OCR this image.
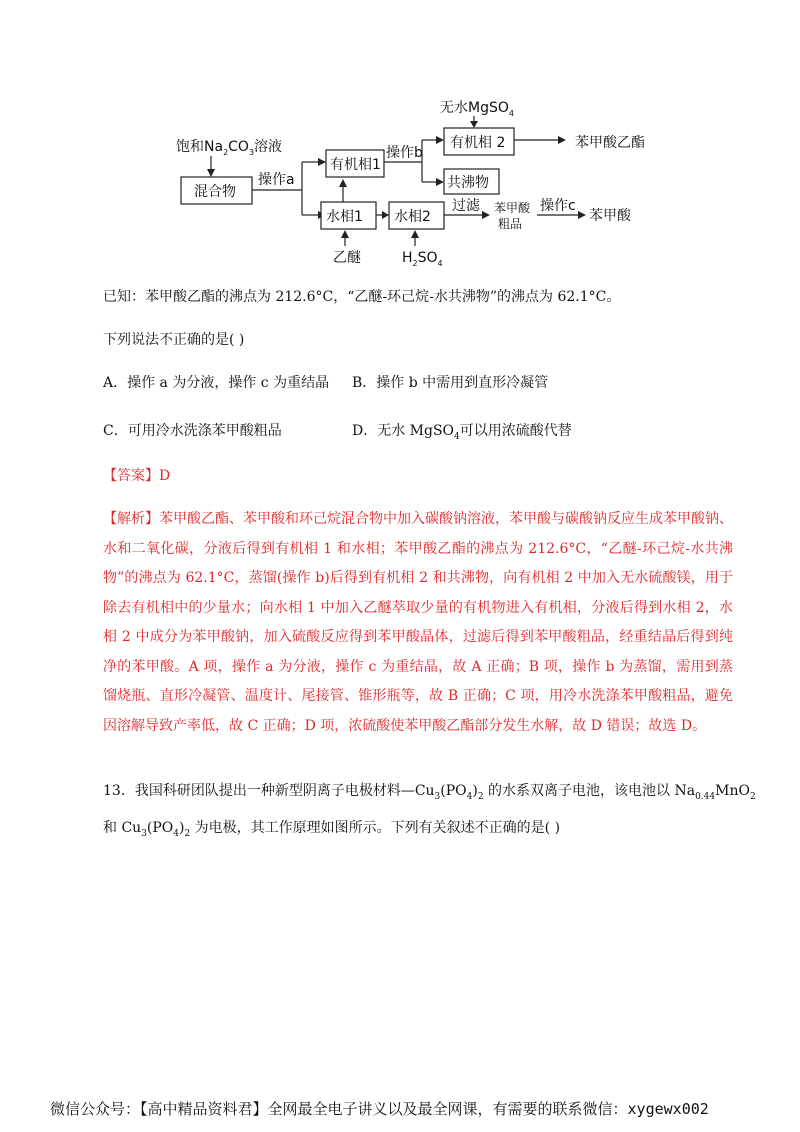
饱和$Na_2CO_3$溶液
混合物
操作a
有机相1
水相1
乙醚
操作b
无水MgSO$_4$
有机相 2	苯甲酸乙酯
共沸物
水相2
$H_2SO_4$
过滤 苯甲酸
粗品
操作c
苯甲酸
已知：苯甲酸乙酯的沸点为 212.6°C，“乙醚-环己烷-水共沸物”的沸点为 62.1°C。
下列说法不正确的是( )
A．操作 a 为分液，操作 c 为重结晶 B．操作 b 中需用到直形冷凝管
C．可用冷水洗涤苯甲酸粗品	D．无水 MgSO$_4$可以用浓硫酸代替
【答案】D
【解析】苯甲酸乙酯、苯甲酸和环己烷混合物中加入碳酸钠溶液，苯甲酸与碳酸钠反应生成苯甲酸钠、水和二氧化碳，分液后得到有机相 1 和水相；苯甲酸乙酯的沸点为 212.6°C，“乙醚-环己烷-水共沸物”的沸点为 62.1°C，蒸馏(操作 b)后得到有机相 2 和共沸物，向有机相 2 中加入无水硫酸镁，用于除去有机相中的少量水；向水相 1 中加入乙醚萃取少量的有机物进入有机相，分液后得到水相 2，水相 2 中成分为苯甲酸钠，加入硫酸反应得到苯甲酸晶体，过滤后得到苯甲酸粗品，经重结晶后得到纯净的苯甲酸。A 项，操作 a 为分液，操作 c 为重结晶，故 A 正确；B 项，操作 b 为蒸馏，需用到蒸馏烧瓶、直形冷凝管、温度计、尾接管、锥形瓶等，故 B 正确；C 项，用冷水洗涤苯甲酸粗品，避免因溶解导致产率低，故 C 正确；D 项，浓硫酸使苯甲酸乙酯部分发生水解，故 D 错误；故选 D。
13．我国科研团队提出一种新型阴离子电极材料$—Cu_3(PO_4)_2$ 的水系双离子电池，该电池以 $Na_{0.44}MnO_2$
和 $Cu_3(PO_4)_2$ 为电极，其工作原理如图所示。下列有关叙述不正确的是( )
微信公众号：【高中精品资料君】全网最全电子讲义以及最全网课，有需要的联系微信：xygewx002
